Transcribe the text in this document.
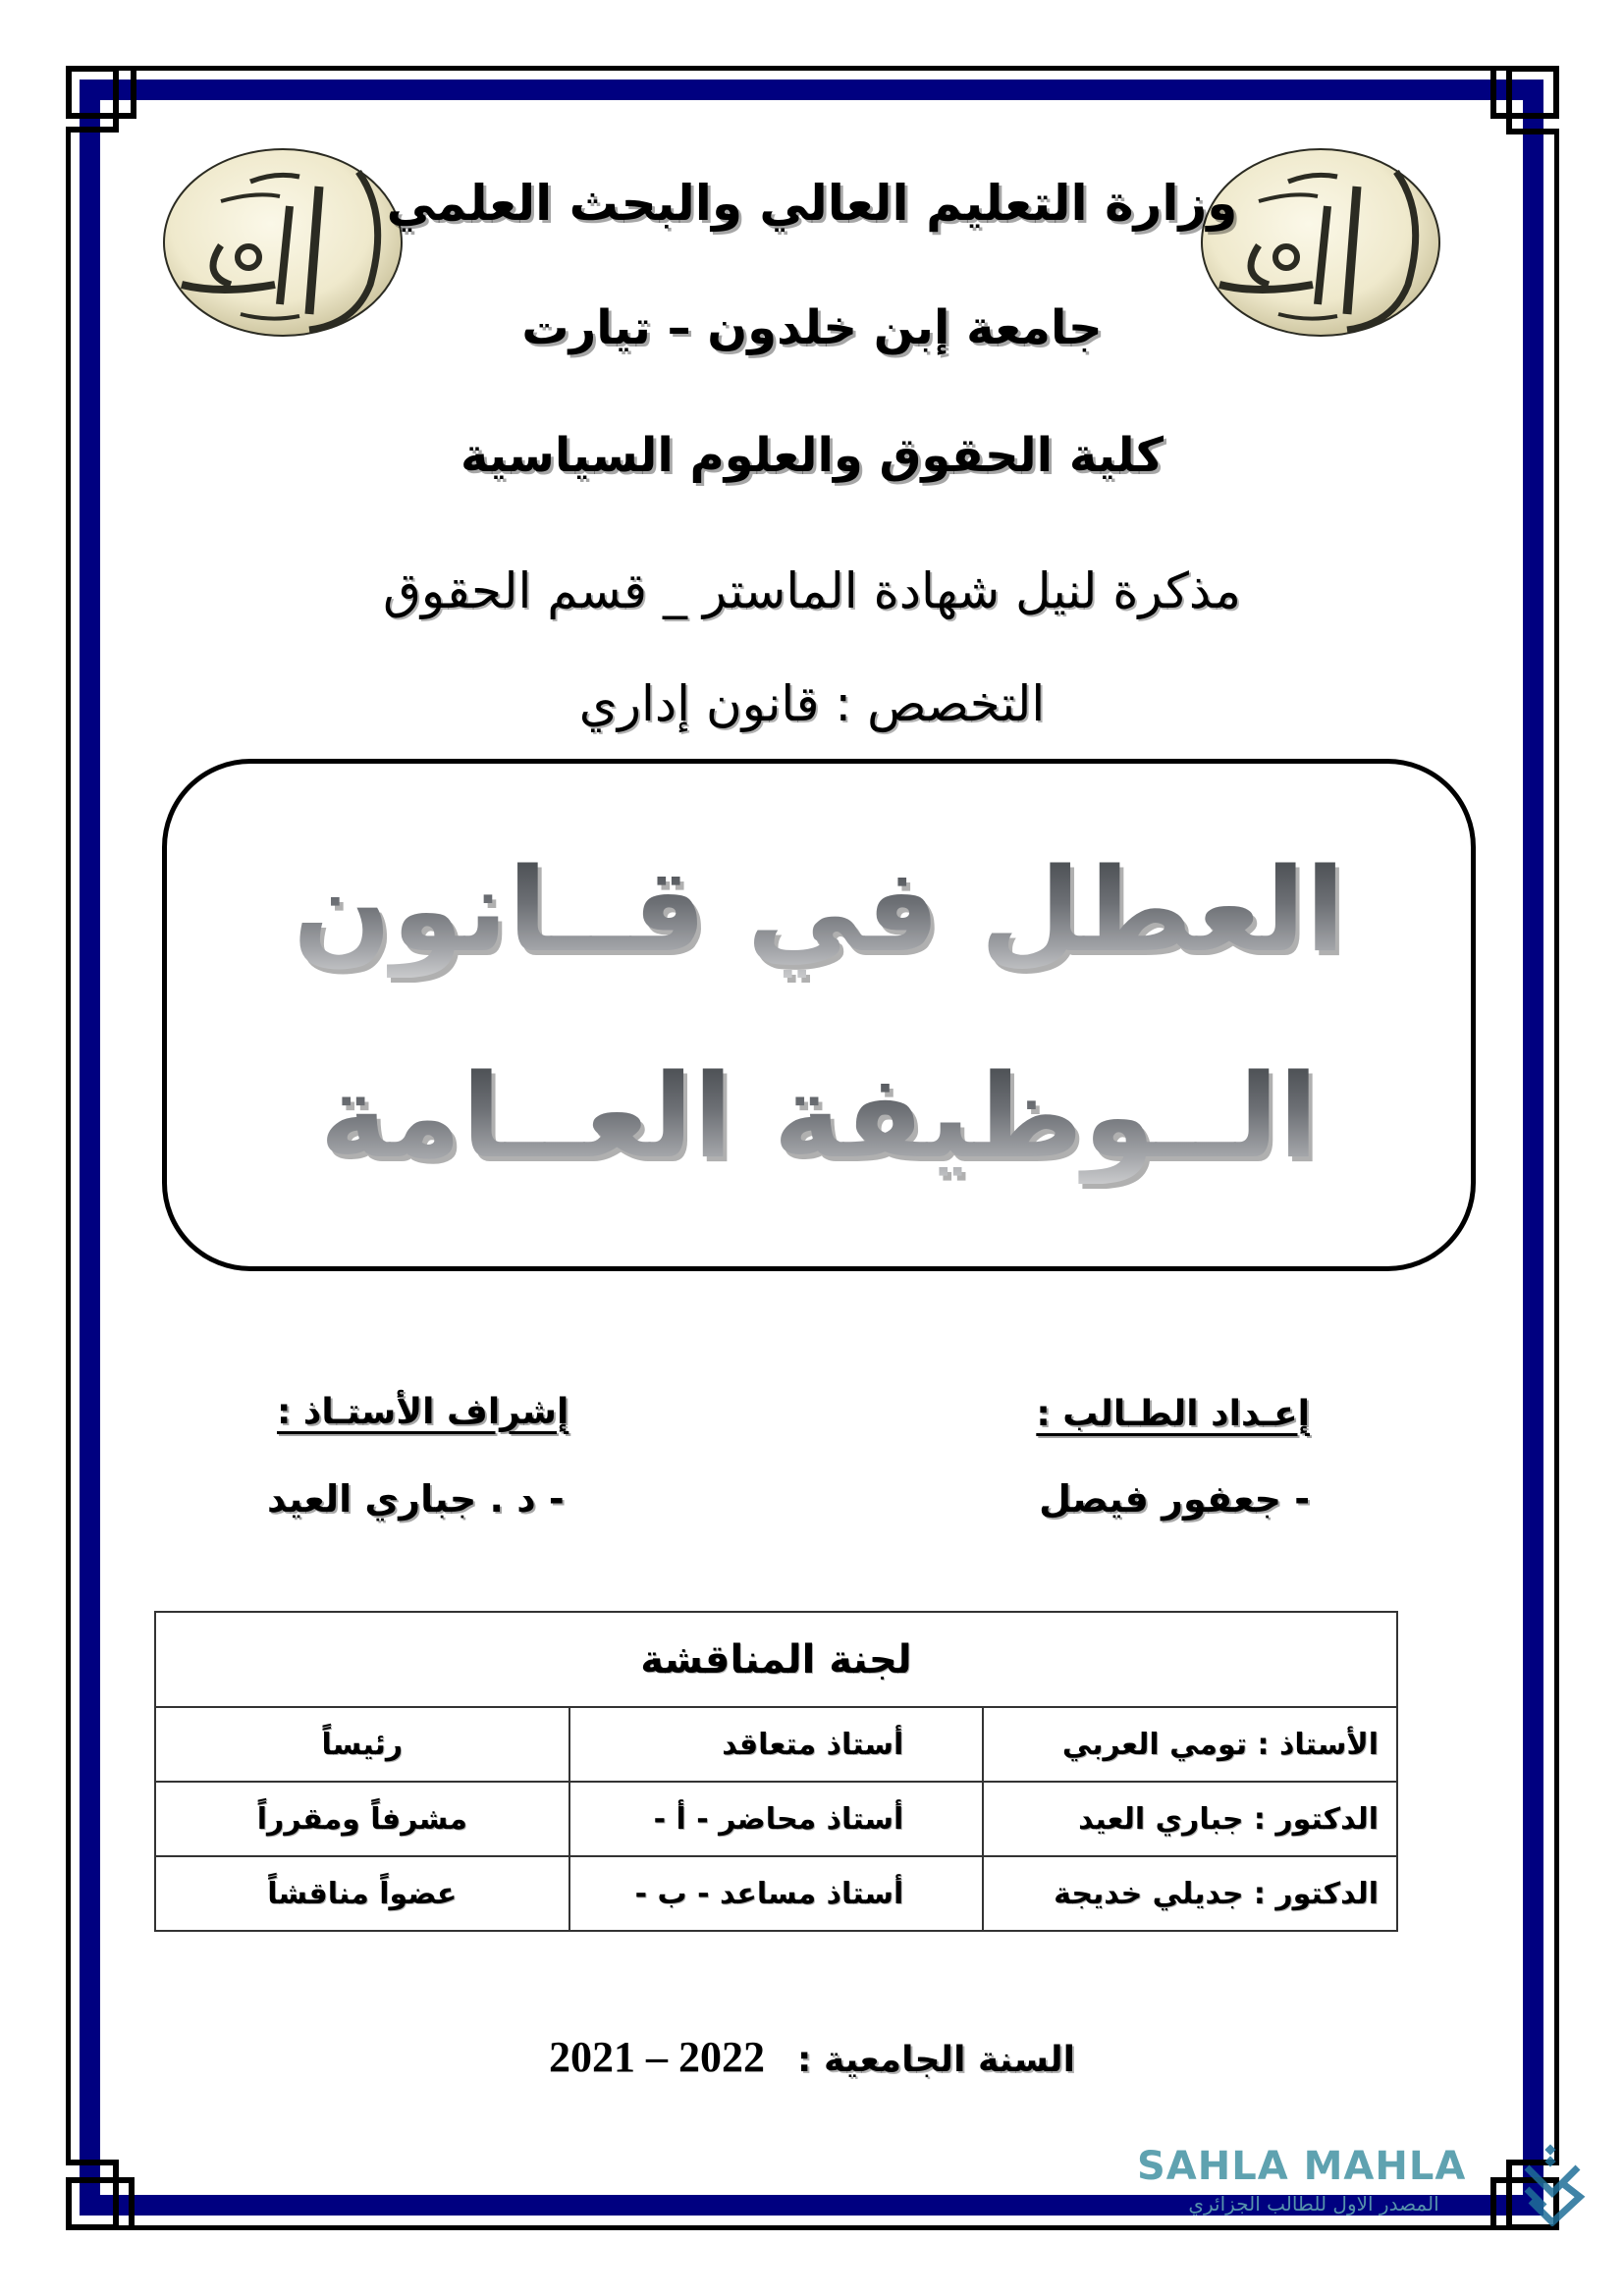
وزارة التعليم العالي والبحث العلمي
جامعة إبن خلدون – تيارت
كلية الحقوق والعلوم السياسية
مذكرة لنيل شهادة الماستر _ قسم الحقوق
التخصص : قانون إداري
العطل في قــانون
الــوظيفة العــامة
إعـداد الطـالب :
- جعفور فيصل
إشراف الأستـاذ :
- د . جباري العيد
لجنة المناقشة		
الأستاذ : تومي العربي	أستاذ متعاقد	رئيساً
الدكتور : جباري العيد	أستاذ محاضر - أ -	مشرفاً ومقرراً
الدكتور : جديلي خديجة	أستاذ مساعد - ب -	عضواً مناقشاً
السنة الجامعية :   2021 – 2022
SAHLA MAHLA
المصدر الاول للطالب الجزائري
